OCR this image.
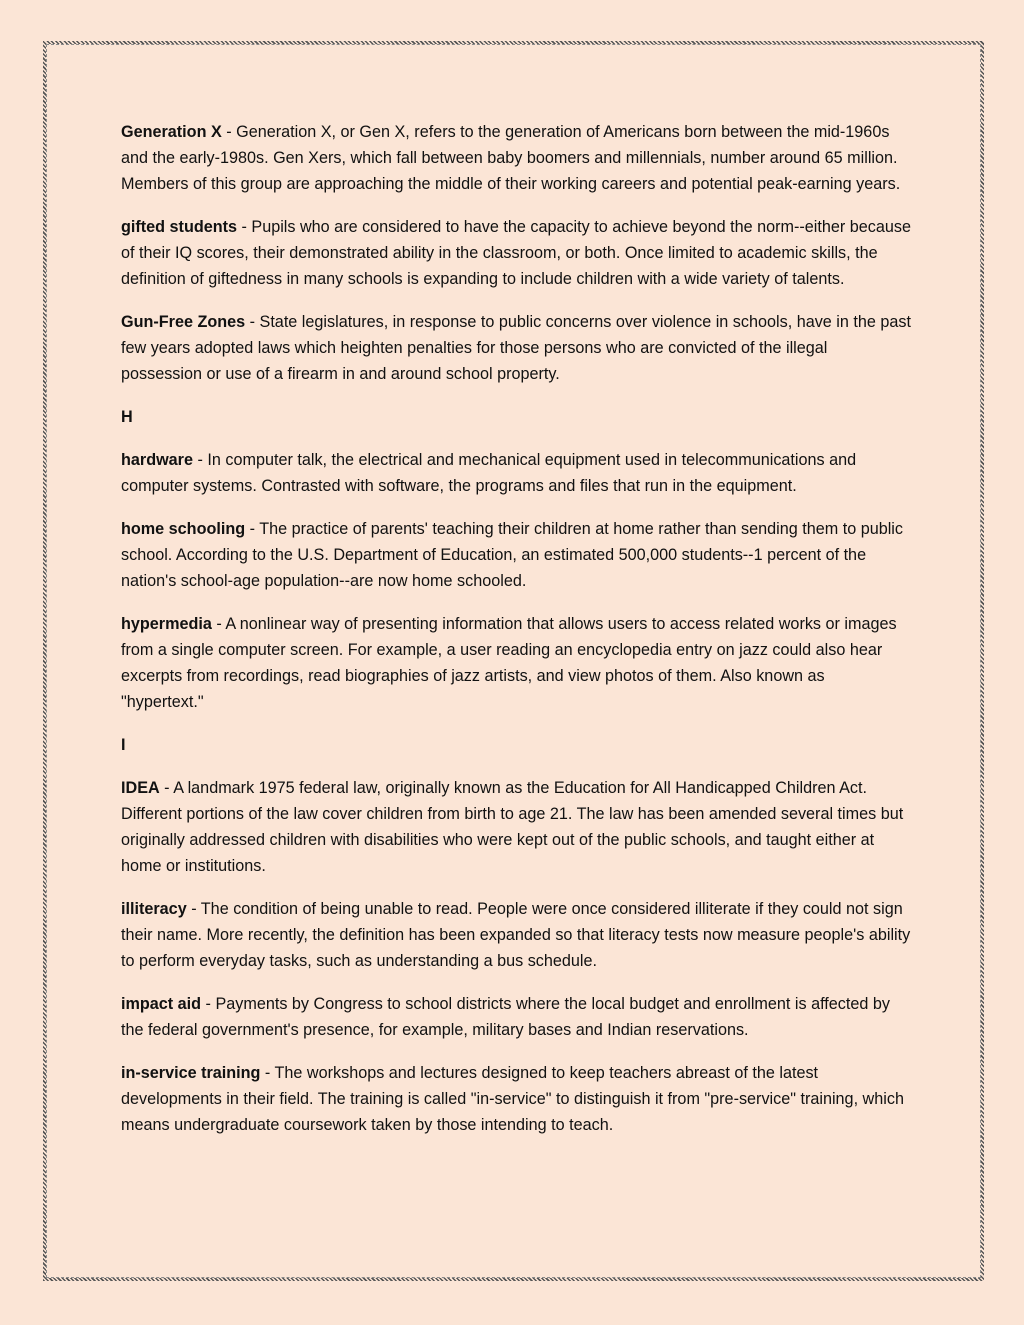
Generation X - Generation X, or Gen X, refers to the generation of Americans born between the mid-1960s and the early-1980s. Gen Xers, which fall between baby boomers and millennials, number around 65 million. Members of this group are approaching the middle of their working careers and potential peak-earning years.

gifted students - Pupils who are considered to have the capacity to achieve beyond the norm--either because of their IQ scores, their demonstrated ability in the classroom, or both. Once limited to academic skills, the definition of giftedness in many schools is expanding to include children with a wide variety of talents.

Gun-Free Zones - State legislatures, in response to public concerns over violence in schools, have in the past few years adopted laws which heighten penalties for those persons who are convicted of the illegal possession or use of a firearm in and around school property.

H

hardware - In computer talk, the electrical and mechanical equipment used in telecommunications and computer systems. Contrasted with software, the programs and files that run in the equipment.

home schooling - The practice of parents' teaching their children at home rather than sending them to public school. According to the U.S. Department of Education, an estimated 500,000 students--1 percent of the nation's school-age population--are now home schooled.

hypermedia - A nonlinear way of presenting information that allows users to access related works or images from a single computer screen. For example, a user reading an encyclopedia entry on jazz could also hear excerpts from recordings, read biographies of jazz artists, and view photos of them. Also known as "hypertext."

I

IDEA - A landmark 1975 federal law, originally known as the Education for All Handicapped Children Act. Different portions of the law cover children from birth to age 21. The law has been amended several times but originally addressed children with disabilities who were kept out of the public schools, and taught either at home or institutions.

illiteracy - The condition of being unable to read. People were once considered illiterate if they could not sign their name. More recently, the definition has been expanded so that literacy tests now measure people's ability to perform everyday tasks, such as understanding a bus schedule.

impact aid - Payments by Congress to school districts where the local budget and enrollment is affected by the federal government's presence, for example, military bases and Indian reservations.

in-service training - The workshops and lectures designed to keep teachers abreast of the latest developments in their field. The training is called "in-service" to distinguish it from "pre-service" training, which means undergraduate coursework taken by those intending to teach.
